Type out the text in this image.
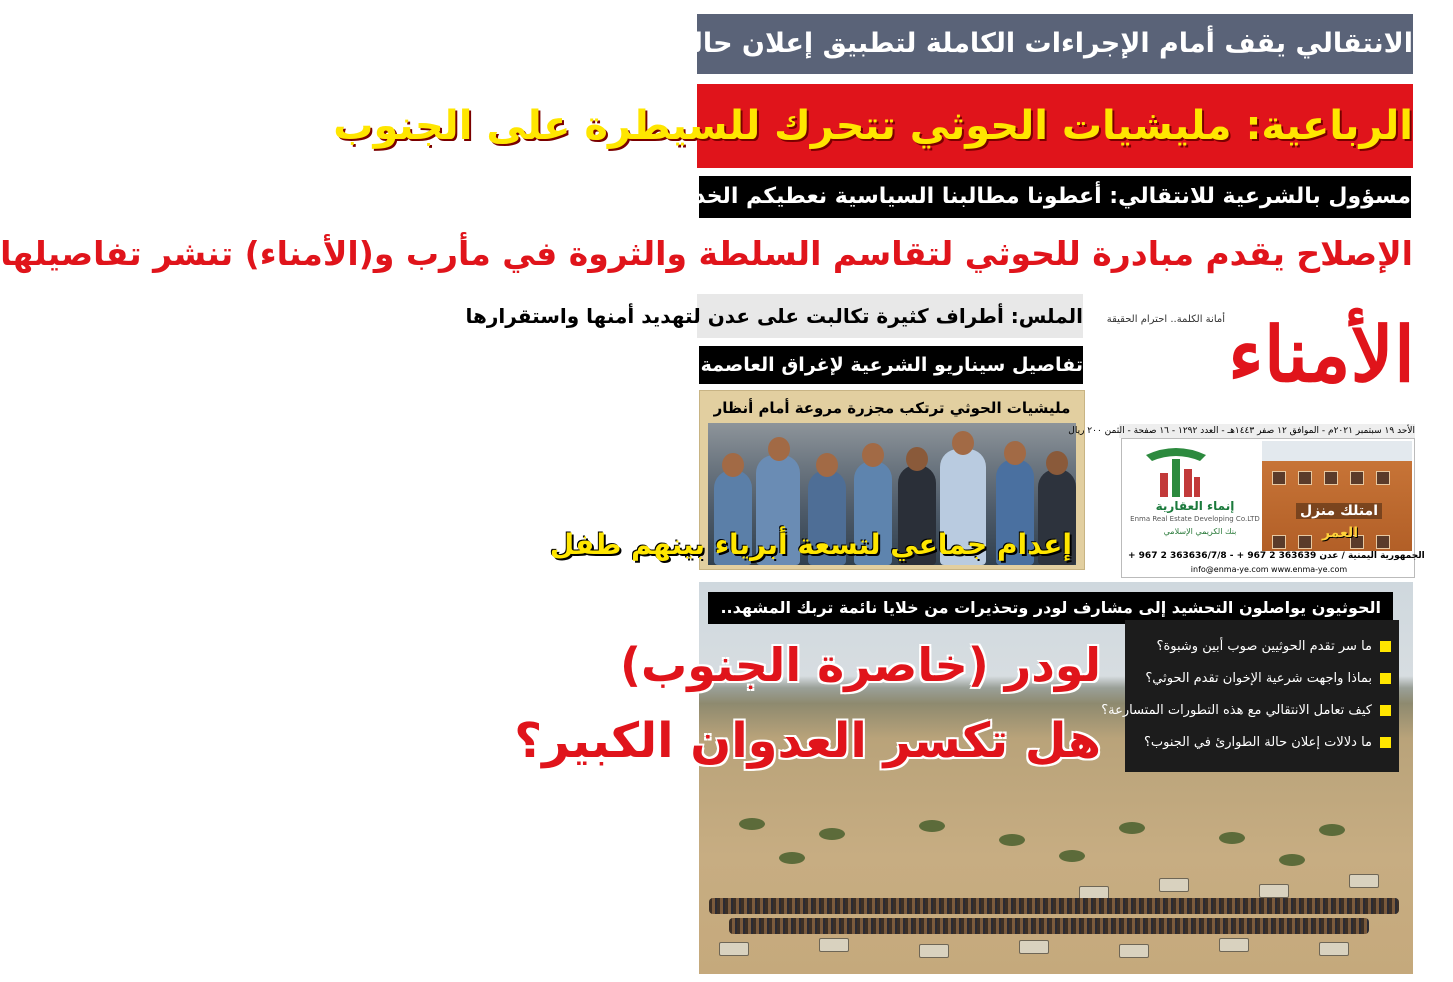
الانتقالي يقف أمام الإجراءات الكاملة لتطبيق إعلان حالة الطوارئ ورفع مستوى التعبئة العامة
الرباعية: مليشيات الحوثي تتحرك للسيطرة على الجنوب
مسؤول بالشرعية للانتقالي: أعطونا مطالبنا السياسية نعطيكم الخدمات ونصرف المرتبات
الإصلاح يقدم مبادرة للحوثي لتقاسم السلطة والثروة في مأرب و(الأمناء) تنشر تفاصيلها
الملس: أطراف كثيرة تكالبت على عدن لتهديد أمنها واستقرارها
تفاصيل سيناريو الشرعية لإغراق العاصمة عدن في الفوضى
مليشيات الحوثي ترتكب مجزرة مروعة أمام أنظار
إعدام جماعي لتسعة أبرياء بينهم طفل
أمانة الكلمة.. احترام الحقيقة الأمناء
الأحد ١٩ سبتمبر ٢٠٢١م - الموافق ١٢ صفر ١٤٤٣هـ - العدد ١٢٩٢ - ١٦ صفحة - الثمن ٢٠٠ ريال
امتلك منزل
العمر
إنماء العقارية
Enma Real Estate Developing Co.LTD
بنك الكريمي الإسلامي
+ 967 2 363636/7/8 - + 967 2 363639 الجمهورية اليمنية / عدن
info@enma-ye.com www.enma-ye.com
الحوثيون يواصلون التحشيد إلى مشارف لودر وتحذيرات من خلايا نائمة تربك المشهد..
لودر (خاصرة الجنوب)
هل تكسر العدوان الكبير؟
ما سر تقدم الحوثيين صوب أبين وشبوة؟
بماذا واجهت شرعية الإخوان تقدم الحوثي؟
كيف تعامل الانتقالي مع هذه التطورات المتسارعة؟
ما دلالات إعلان حالة الطوارئ في الجنوب؟
